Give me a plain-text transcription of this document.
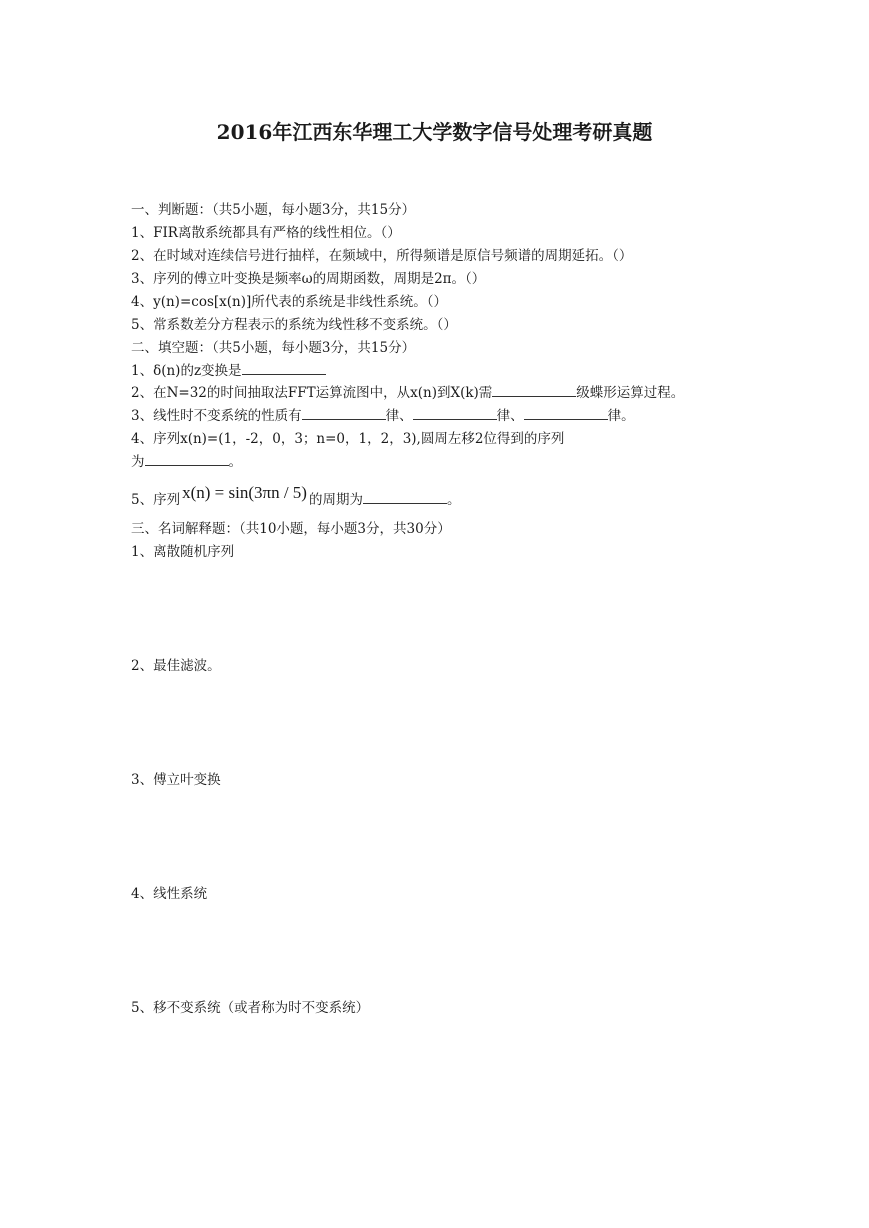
2016年江西东华理工大学数字信号处理考研真题
一、判断题：（共5小题，每小题3分，共15分）
1、FIR离散系统都具有严格的线性相位。（）
2、在时域对连续信号进行抽样，在频域中，所得频谱是原信号频谱的周期延拓。（）
3、序列的傅立叶变换是频率ω的周期函数，周期是2π。（）
4、y(n)=cos[x(n)]所代表的系统是非线性系统。（）
5、常系数差分方程表示的系统为线性移不变系统。（）
二、填空题：（共5小题，每小题3分，共15分）
1、δ(n)的z变换是
2、在N=32的时间抽取法FFT运算流图中，从x(n)到X(k)需	级蝶形运算过程。
3、线性时不变系统的性质有	律、	律、	律。
4、序列x(n)=(1，-2，0，3；n=0，1，2，3),圆周左移2位得到的序列
为	。
5、序列 x(n) = sin(3πn / 5) 的周期为	。
三、名词解释题：（共10小题，每小题3分，共30分）
1、离散随机序列
2、最佳滤波。
3、傅立叶变换
4、线性系统
5、移不变系统（或者称为时不变系统）
